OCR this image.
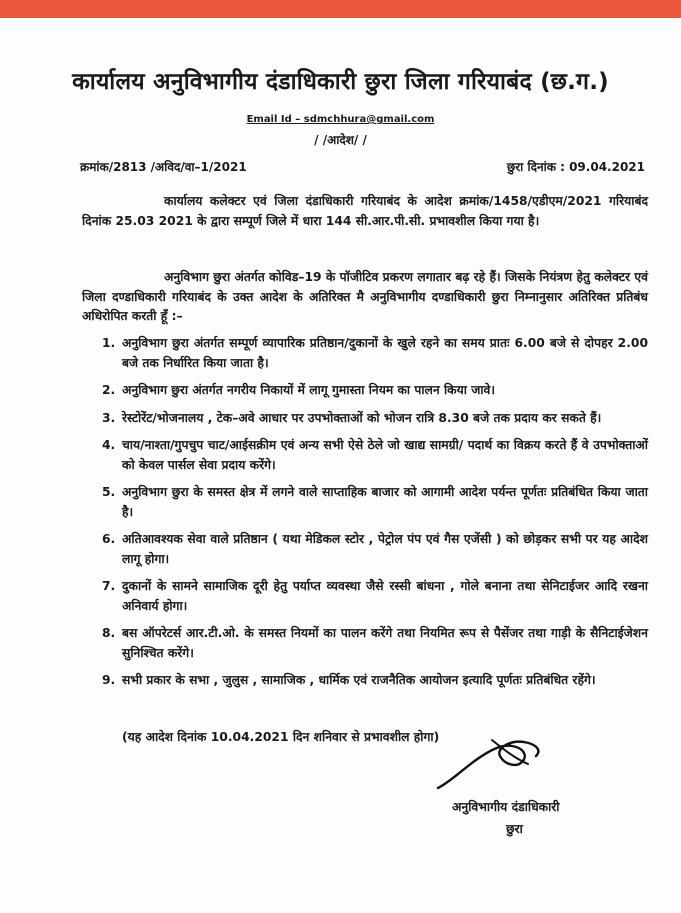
कार्यालय अनुविभागीय दंडाधिकारी छुरा जिला गरियाबंद (छ.ग.)
Email Id – sdmchhura@gmail.com
/ /आदेश/ /
क्रमांक/2813 /अविद/वा–1/2021	छुरा दिनांक : 09.04.2021
कार्यालय कलेक्टर एवं जिला दंडाधिकारी गरियाबंद के आदेश क्रमांक/1458/एडीएम/2021 गरियाबंद दिनांक 25.03 2021 के द्वारा सम्पूर्ण जिले में धारा 144 सी.आर.पी.सी. प्रभावशील किया गया है।
अनुविभाग छुरा अंतर्गत कोविड–19 के पॉजीटिव प्रकरण लगातार बढ़ रहे हैं। जिसके नियंत्रण हेतु कलेक्टर एवं जिला दण्डाधिकारी गरियाबंद के उक्त आदेश के अतिरिक्त मै अनुविभागीय दण्डाधिकारी छुरा निम्नानुसार अतिरिक्त प्रतिबंध अधिरोपित करती हूँ :–
1. अनुविभाग छुरा अंतर्गत सम्पूर्ण व्यापारिक प्रतिष्ठान/दुकानों के खुले रहने का समय प्रातः 6.00 बजे से दोपहर 2.00 बजे तक निर्धारित किया जाता है।
2. अनुविभाग छुरा अंतर्गत नगरीय निकायों में लागू गुमास्ता नियम का पालन किया जावे।
3. रेस्टोरेंट/भोजनालय , टेक–अवे आधार पर उपभोक्ताओं को भोजन रात्रि 8.30 बजे तक प्रदाय कर सकते हैं।
4. चाय/नाश्ता/गुपचुप चाट/आईसक्रीम एवं अन्य सभी ऐसे ठेले जो खाद्य सामग्री/ पदार्थ का विक्रय करते हैं वे उपभोक्ताओं को केवल पार्सल सेवा प्रदाय करेंगे।
5. अनुविभाग छुरा के समस्त क्षेत्र में लगने वाले साप्ताहिक बाजार को आगामी आदेश पर्यन्त पूर्णतः प्रतिबंधित किया जाता है।
6. अतिआवश्यक सेवा वाले प्रतिष्ठान ( यथा मेडिकल स्टोर , पेट्रोल पंप एवं गैस एजेंसी ) को छोड़कर सभी पर यह आदेश लागू होगा।
7. दुकानों के सामने सामाजिक दूरी हेतु पर्याप्त व्यवस्था जैसे रस्सी बांधना , गोले बनाना तथा सेनिटाईजर आदि रखना अनिवार्य होगा।
8. बस ऑपरेटर्स आर.टी.ओ. के समस्त नियमों का पालन करेंगे तथा नियमित रूप से पैसेंजर तथा गाड़ी के सैनिटाईजेशन सुनिश्चित करेंगे।
9. सभी प्रकार के सभा , जुलुस , सामाजिक , धार्मिक एवं राजनैतिक आयोजन इत्यादि पूर्णतः प्रतिबंधित रहेंगे।
(यह आदेश दिनांक 10.04.2021 दिन शनिवार से प्रभावशील होगा)
अनुविभागीय दंडाधिकारी
छुरा
